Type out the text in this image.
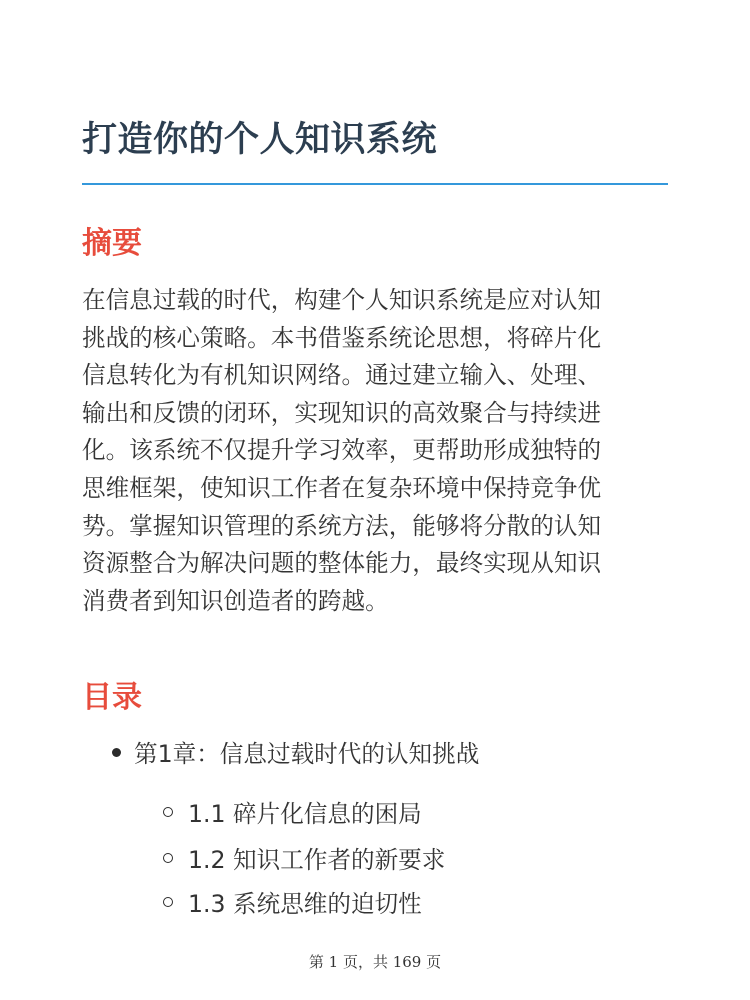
打造你的个人知识系统
摘要

在信息过载的时代，构建个人知识系统是应对认知
挑战的核心策略。本书借鉴系统论思想，将碎片化
信息转化为有机知识网络。通过建立输入、处理、
输出和反馈的闭环，实现知识的高效聚合与持续进
化。该系统不仅提升学习效率，更帮助形成独特的
思维框架，使知识工作者在复杂环境中保持竞争优
势。掌握知识管理的系统方法，能够将分散的认知
资源整合为解决问题的整体能力，最终实现从知识
消费者到知识创造者的跨越。

目录
第1章：信息过载时代的认知挑战
1.1 碎片化信息的困局
1.2 知识工作者的新要求
1.3 系统思维的迫切性
第 1 页，共 169 页
